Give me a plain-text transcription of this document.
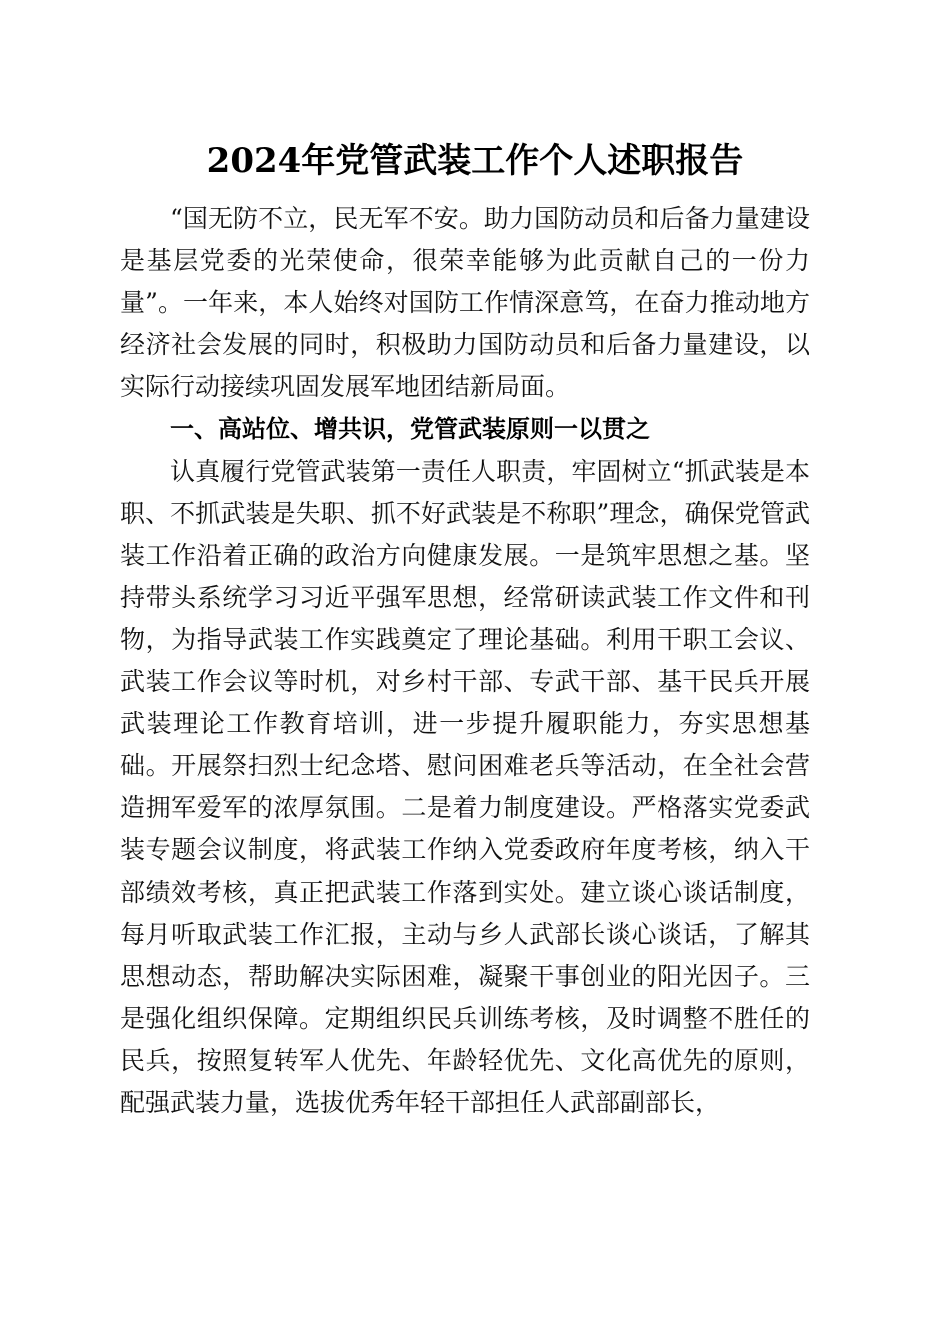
2024年党管武装工作个人述职报告

“国无防不立，民无军不安。助力国防动员和后备力量建设是基层党委的光荣使命，很荣幸能够为此贡献自己的一份力量”。一年来，本人始终对国防工作情深意笃，在奋力推动地方经济社会发展的同时，积极助力国防动员和后备力量建设，以实际行动接续巩固发展军地团结新局面。

一、高站位、增共识，党管武装原则一以贯之

认真履行党管武装第一责任人职责，牢固树立“抓武装是本职、不抓武装是失职、抓不好武装是不称职”理念，确保党管武装工作沿着正确的政治方向健康发展。一是筑牢思想之基。坚持带头系统学习习近平强军思想，经常研读武装工作文件和刊物，为指导武装工作实践奠定了理论基础。利用干职工会议、武装工作会议等时机，对乡村干部、专武干部、基干民兵开展武装理论工作教育培训，进一步提升履职能力，夯实思想基础。开展祭扫烈士纪念塔、慰问困难老兵等活动，在全社会营造拥军爱军的浓厚氛围。二是着力制度建设。严格落实党委武装专题会议制度，将武装工作纳入党委政府年度考核，纳入干部绩效考核，真正把武装工作落到实处。建立谈心谈话制度，每月听取武装工作汇报，主动与乡人武部长谈心谈话，了解其思想动态，帮助解决实际困难，凝聚干事创业的阳光因子。三是强化组织保障。定期组织民兵训练考核，及时调整不胜任的民兵，按照复转军人优先、年龄轻优先、文化高优先的原则，配强武装力量，选拔优秀年轻干部担任人武部副部长，
